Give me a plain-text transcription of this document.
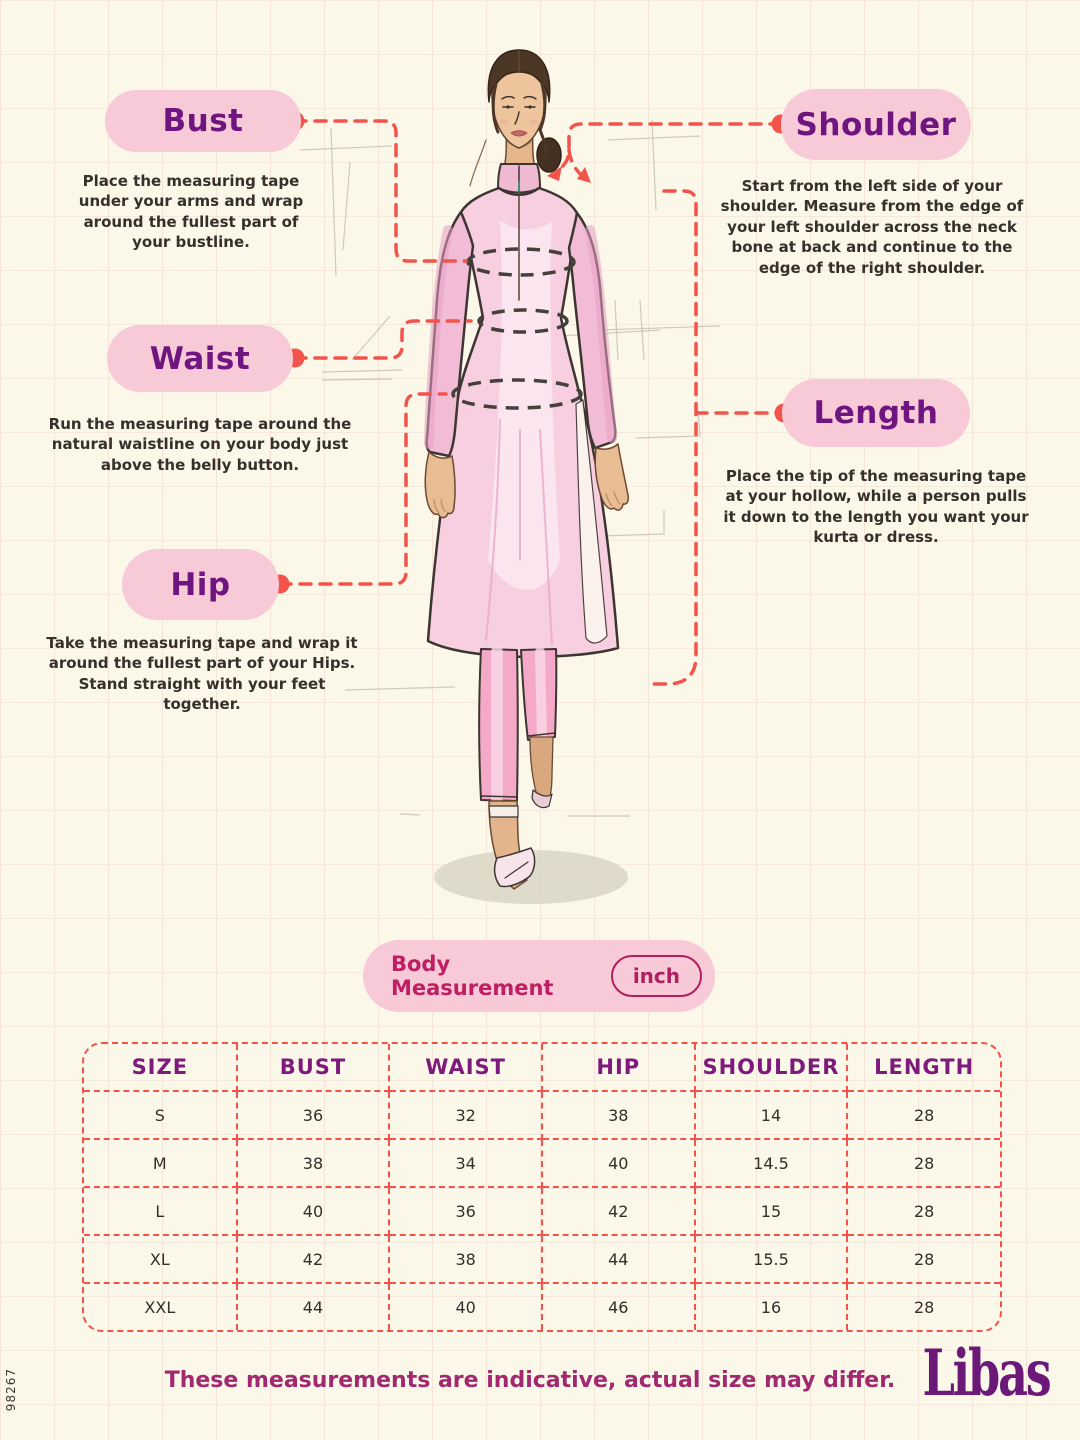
Bust
Place the measuring tape under your arms and wrap around the fullest part of your bustline.
Waist
Run the measuring tape around the natural waistline on your body just above the belly button.
Hip
Take the measuring tape and wrap it around the fullest part of your Hips. Stand straight with your feet together.
Shoulder
Start from the left side of your shoulder. Measure from the edge of your left shoulder across the neck bone at back and continue to the edge of the right shoulder.
Length
Place the tip of the measuring tape at your hollow, while a person pulls it down to the length you want your kurta or dress.
Body Measurement	inch
SIZE	BUST	WAIST	HIP	SHOULDER	LENGTH
S	36	32	38	14	28
M	38	34	40	14.5	28
L	40	36	42	15	28
XL	42	38	44	15.5	28
XXL	44	40	46	16	28
These measurements are indicative, actual size may differ. Libas
98267
